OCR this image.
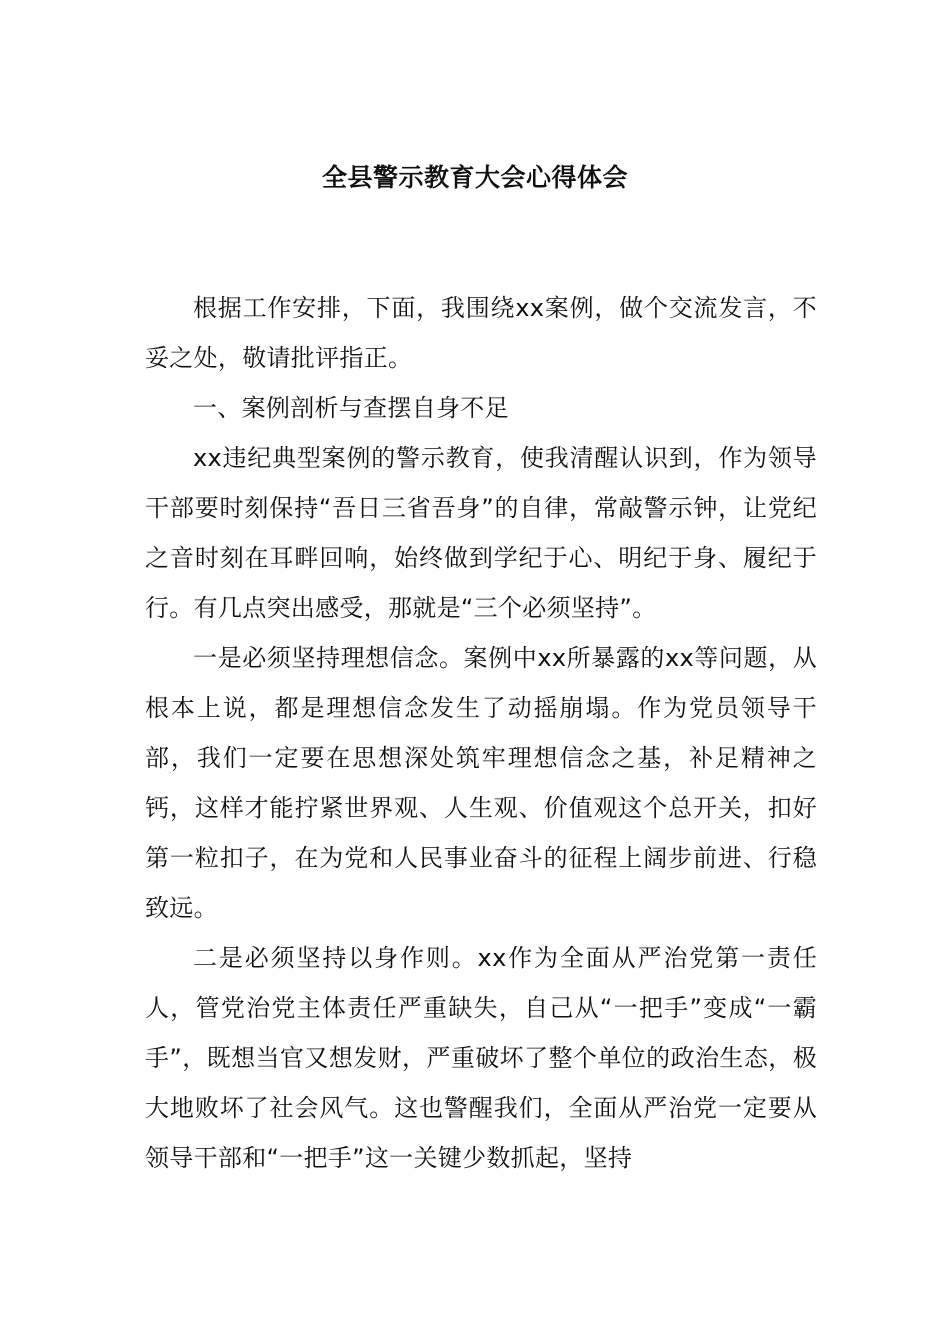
全县警示教育大会心得体会

根据工作安排，下面，我围绕xx案例，做个交流发言，不妥之处，敬请批评指正。

一、案例剖析与查摆自身不足

xx违纪典型案例的警示教育，使我清醒认识到，作为领导干部要时刻保持“吾日三省吾身”的自律，常敲警示钟，让党纪之音时刻在耳畔回响，始终做到学纪于心、明纪于身、履纪于行。有几点突出感受，那就是“三个必须坚持”。

一是必须坚持理想信念。案例中xx所暴露的xx等问题，从根本上说，都是理想信念发生了动摇崩塌。作为党员领导干部，我们一定要在思想深处筑牢理想信念之基，补足精神之钙，这样才能拧紧世界观、人生观、价值观这个总开关，扣好第一粒扣子，在为党和人民事业奋斗的征程上阔步前进、行稳致远。

二是必须坚持以身作则。xx作为全面从严治党第一责任人，管党治党主体责任严重缺失，自己从“一把手”变成“一霸手”，既想当官又想发财，严重破坏了整个单位的政治生态，极大地败坏了社会风气。这也警醒我们，全面从严治党一定要从领导干部和“一把手”这一关键少数抓起，坚持
